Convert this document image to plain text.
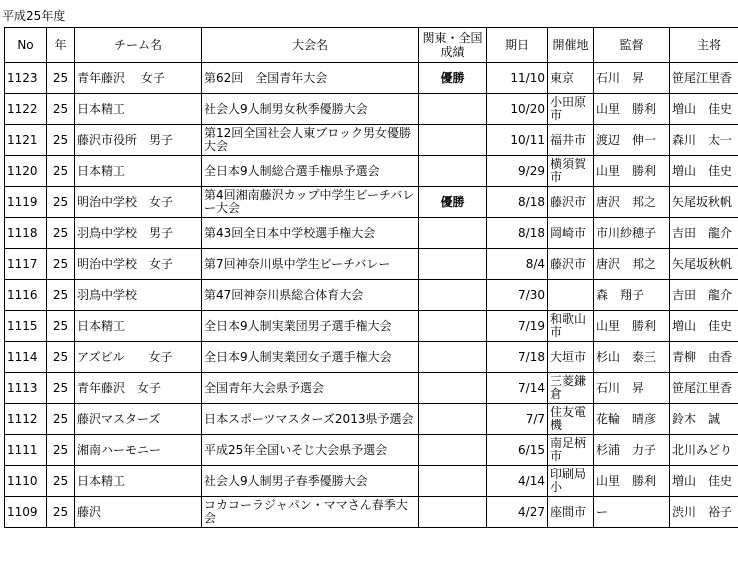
平成25年度
No	年	チーム名	大会名	関東・全国成績	期日	開催地	監督	主将
1123	25	青年藤沢　 女子	第62回　全国青年大会	優勝	11/10	東京	石川　昇	笹尾江里香
1122	25	日本精工	社会人9人制男女秋季優勝大会		10/20	小田原市	山里　勝利	増山　佳史
1121	25	藤沢市役所　男子	第12回全国社会人東ブロック男女優勝大会		10/11	福井市	渡辺　伸一	森川　太一
1120	25	日本精工	全日本9人制総合選手権県予選会		9/29	横須賀市	山里　勝利	増山　佳史
1119	25	明治中学校　女子	第4回湘南藤沢カップ中学生ビーチバレー大会	優勝	8/18	藤沢市	唐沢　邦之	矢尾坂秋帆
1118	25	羽鳥中学校　男子	第43回全日本中学校選手権大会		8/18	岡崎市	市川紗穂子	吉田　龍介
1117	25	明治中学校　女子	第7回神奈川県中学生ビーチバレー		8/4	藤沢市	唐沢　邦之	矢尾坂秋帆
1116	25	羽鳥中学校	第47回神奈川県総合体育大会		7/30		森　翔子	吉田　龍介
1115	25	日本精工	全日本9人制実業団男子選手権大会		7/19	和歌山市	山里　勝利	増山　佳史
1114	25	アズビル　　女子	全日本9人制実業団女子選手権大会		7/18	大垣市	杉山　泰三	青柳　由香
1113	25	青年藤沢　女子	全国青年大会県予選会		7/14	三菱鎌倉	石川　昇	笹尾江里香
1112	25	藤沢マスターズ	日本スポーツマスターズ2013県予選会		7/7	住友電機	花輪　晴彦	鈴木　誠
1111	25	湘南ハーモニー	平成25年全国いそじ大会県予選会		6/15	南足柄市	杉浦　力子	北川みどり
1110	25	日本精工	社会人9人制男子春季優勝大会		4/14	印刷局小	山里　勝利	増山　佳史
1109	25	藤沢	コカコーラジャパン・ママさん春季大会		4/27	座間市	ー	渋川　裕子
